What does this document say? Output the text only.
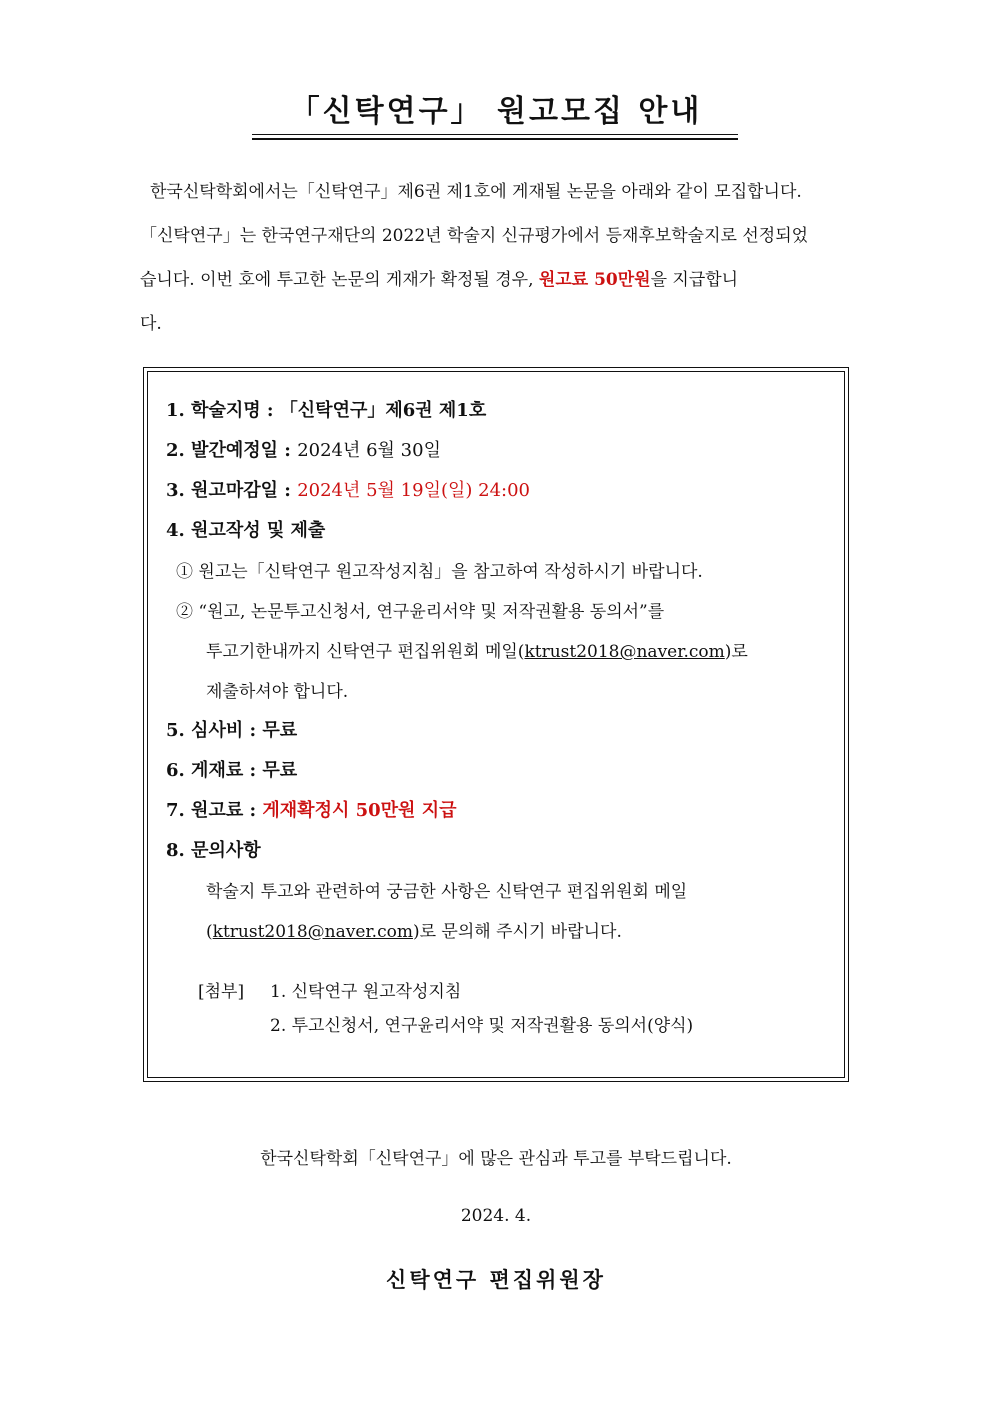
「신탁연구」 원고모집 안내
한국신탁학회에서는「신탁연구」제6권 제1호에 게재될 논문을 아래와 같이 모집합니다.
「신탁연구」는 한국연구재단의 2022년 학술지 신규평가에서 등재후보학술지로 선정되었
습니다. 이번 호에 투고한 논문의 게재가 확정될 경우, 원고료 50만원을 지급합니
다.
1. 학술지명 : 「신탁연구」제6권 제1호
2. 발간예정일 : 2024년 6월 30일
3. 원고마감일 : 2024년 5월 19일(일) 24:00
4. 원고작성 및 제출
① 원고는「신탁연구 원고작성지침」을 참고하여 작성하시기 바랍니다.
② “원고, 논문투고신청서, 연구윤리서약 및 저작권활용 동의서”를
투고기한내까지 신탁연구 편집위원회 메일(ktrust2018@naver.com)로
제출하셔야 합니다.
5. 심사비 : 무료
6. 게재료 : 무료
7. 원고료 : 게재확정시 50만원 지급
8. 문의사항
학술지 투고와 관련하여 궁금한 사항은 신탁연구 편집위원회 메일
(ktrust2018@naver.com)로 문의해 주시기 바랍니다.
[첨부] 1. 신탁연구 원고작성지침
2. 투고신청서, 연구윤리서약 및 저작권활용 동의서(양식)
한국신탁학회「신탁연구」에 많은 관심과 투고를 부탁드립니다.
2024. 4.
신탁연구 편집위원장
